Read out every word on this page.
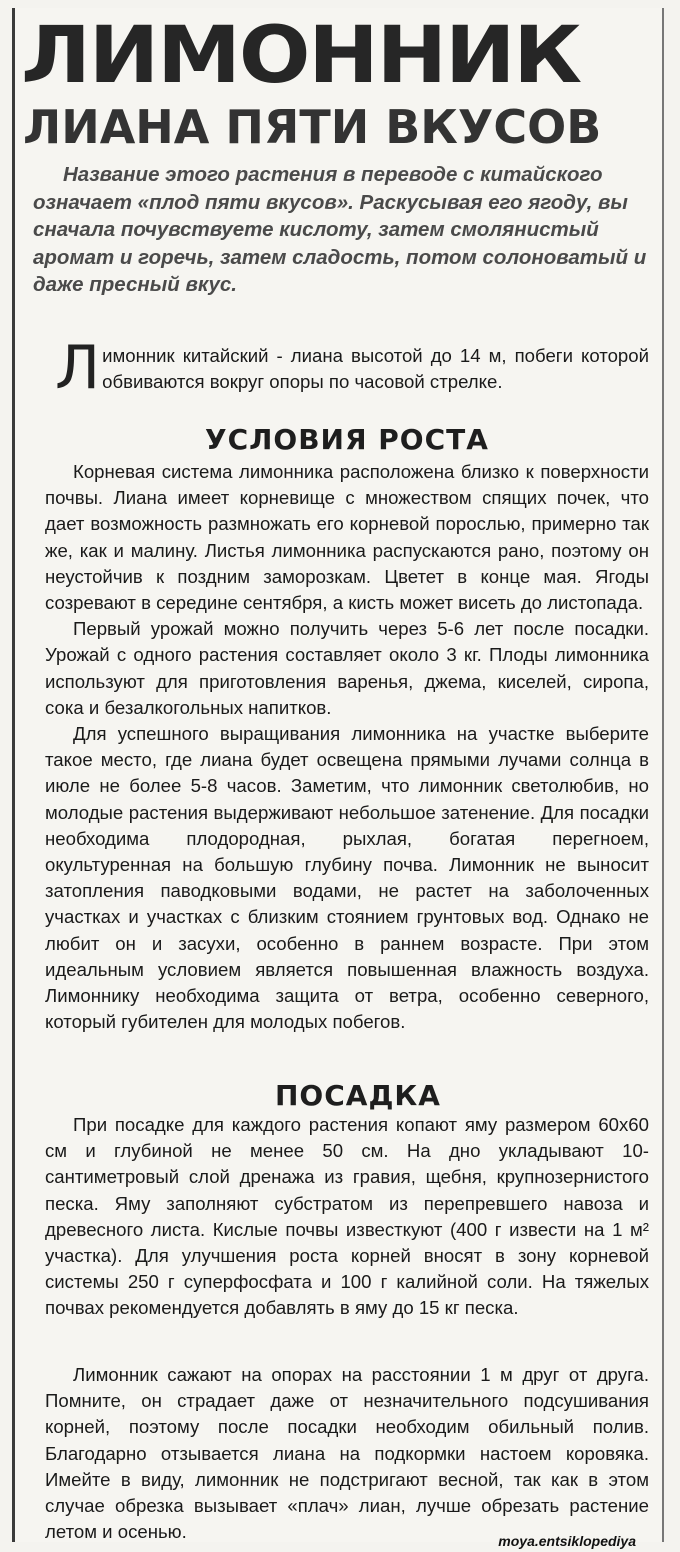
ЛИМОННИК
ЛИАНА ПЯТИ ВКУСОВ
Название этого растения в переводе с китайского означает «плод пяти вкусов». Раскусывая его ягоду, вы сначала почувствуете кислоту, затем смолянистый аромат и горечь, затем сладость, потом солоноватый и даже пресный вкус.
Лимонник китайский - лиана высотой до 14 м, побеги которой обвиваются вокруг опоры по часовой стрелке.
УСЛОВИЯ РОСТА

Корневая система лимонника расположена близко к поверхности почвы. Лиана имеет корневище с множеством спящих почек, что дает возможность размножать его корневой порослью, примерно так же, как и малину. Листья лимонника распускаются рано, поэтому он неустойчив к поздним заморозкам. Цветет в конце мая. Ягоды созревают в середине сентября, а кисть может висеть до листопада.

Первый урожай можно получить через 5-6 лет после посадки. Урожай с одного растения составляет около 3 кг. Плоды лимонника используют для приготовления варенья, джема, киселей, сиропа, сока и безалкогольных напитков.

Для успешного выращивания лимонника на участке выберите такое место, где лиана будет освещена прямыми лучами солнца в июле не более 5-8 часов. Заметим, что лимонник светолюбив, но молодые растения выдерживают небольшое затенение. Для посадки необходима плодородная, рыхлая, богатая перегноем, окультуренная на большую глубину почва. Лимонник не выносит затопления паводковыми водами, не растет на заболоченных участках и участках с близким стоянием грунтовых вод. Однако не любит он и засухи, особенно в раннем возрасте. При этом идеальным условием является повышенная влажность воздуха. Лимоннику необходима защита от ветра, особенно северного, который губителен для молодых побегов.

ПОСАДКА

При посадке для каждого растения копают яму размером 60х60 см и глубиной не менее 50 см. На дно укладывают 10-сантиметровый слой дренажа из гравия, щебня, крупнозернистого песка. Яму заполняют субстратом из перепревшего навоза и древесного листа. Кислые почвы известкуют (400 г извести на 1 м² участка). Для улучшения роста корней вносят в зону корневой системы 250 г суперфосфата и 100 г калийной соли. На тяжелых почвах рекомендуется добавлять в яму до 15 кг песка.

Лимонник сажают на опорах на расстоянии 1 м друг от друга. Помните, он страдает даже от незначительного подсушивания корней, поэтому после посадки необходим обильный полив. Благодарно отзывается лиана на подкормки настоем коровяка. Имейте в виду, лимонник не подстригают весной, так как в этом случае обрезка вызывает «плач» лиан, лучше обрезать растение летом и осенью.	moya.entsiklopediya
